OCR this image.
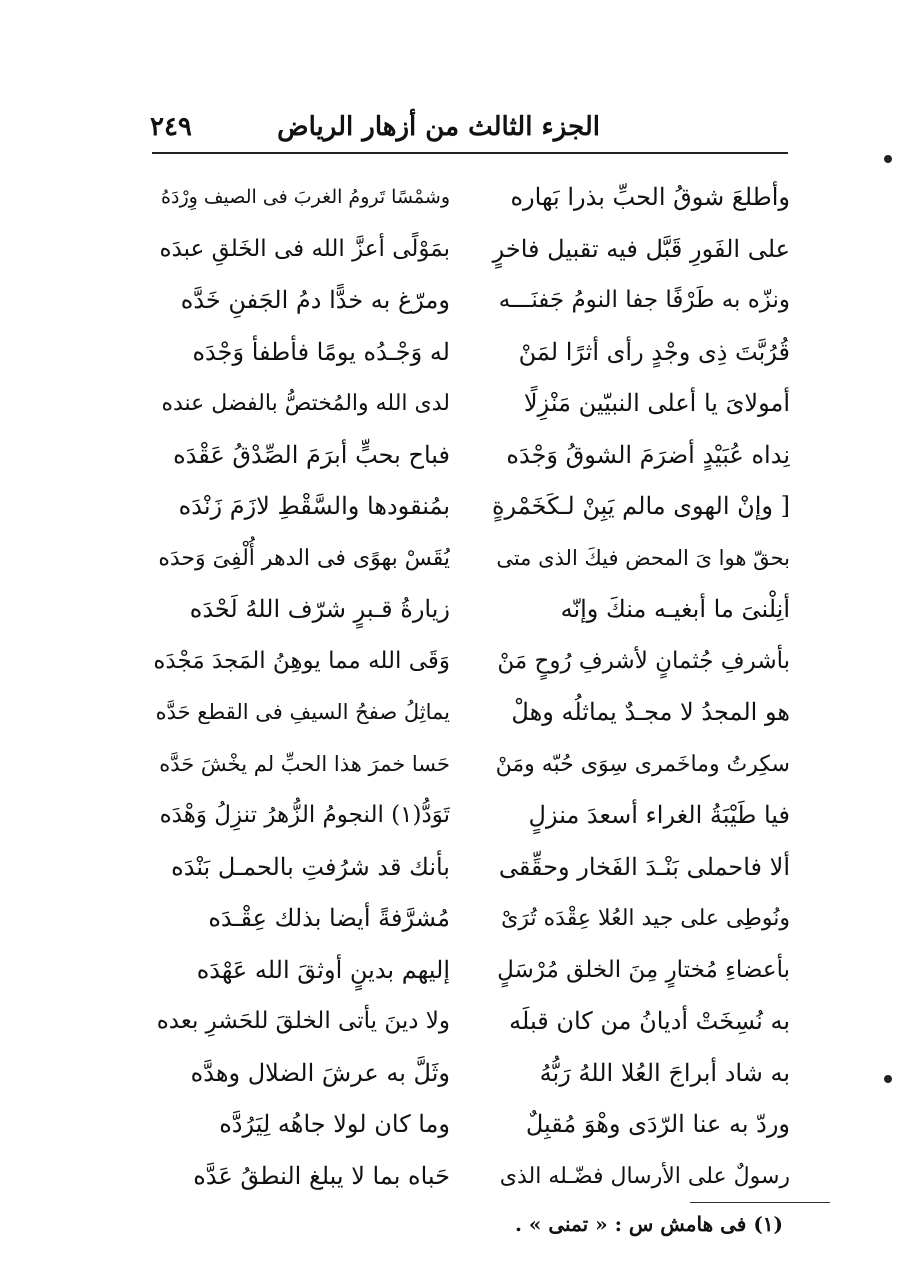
الجزء الثالث من أزهار الرياض
٢٤٩
وأطلعَ شوقُ الحبِّ بذرا بَهاره
على الفَورِ قَبَّل فيه تقبيل فاخرٍ
ونزّه به طَرْفًا جفا النومُ جَفنَـــه
قُرُبَّتَ ذِى وجْدٍ رأى أثرًا لمَنْ
أمولاىَ يا أعلى النبيّين مَنْزِلًا
نِداه عُبَيْدٍ أضرَمَ الشوقُ وَجْدَه
[ وإنْ الهوى مالم يَبِنْ لـكَخَمْرةٍ
بحقّ هوا ىَ المحض فيكَ الذى متى
أنِلْنىَ ما أبغيـه منكَ وإنّه
بأشرفِ جُثمانٍ لأشرفِ رُوحٍ مَنْ
هو المجدُ لا مجـدٌ يماثلُه وهلْ
سكِرتُ وماخَمرى سِوَى حُبّه ومَنْ
فيا طَيْبَةُ الغراء أسعدَ منزلٍ
ألا فاحملى بَنْـدَ الفَخار وحقِّقى
ونُوطِى على جيد العُلا عِقْدَه تُرَىْ
بأعضاءِ مُختارٍ مِنَ الخلق مُرْسَلٍ
به نُسِخَتْ أديانُ من كان قبلَه
به شاد أبراجَ العُلا اللهُ رَبُّهُ
وردّ به عنا الرّدَى وهْوَ مُقبِلٌ
رسولٌ على الأرسال فضّـله الذى
وشمْسًا تَرومُ الغربَ فى الصيف وِرْدَهُ
بمَوْلًى أعزَّ الله فى الخَلقِ عبدَه
ومرّغ به خدًّا دمُ الجَفنِ خَدَّه
له وَجْـدُه يومًا فأطفأ وَجْدَه
لدى الله والمُختصُّ بالفضل عنده
فباح بحبٍّ أبرَمَ الصِّدْقُ عَقْدَه
بمُنقودها والسَّقْطِ لازَمَ زَنْدَه
يُقَسْ بهوًى فى الدهر أُلْفِىَ وَحدَه
زيارةُ قـبرٍ شرّف اللهُ لَحْدَه
وَقَى الله مما يوهِنُ المَجدَ مَجْدَه
يماثِلُ صفحُ السيفِ فى القطع حَدَّه
حَسا خمرَ هذا الحبِّ لم يخْشَ حَدَّه
تَوَدُّ(١) النجومُ الزُّهرُ تنزِلُ وَهْدَه
بأنك قد شرُفتِ بالحمـل بَنْدَه
مُشرَّفةً أيضا بذلك عِقْـدَه
إليهم بدينٍ أوثقَ الله عَهْدَه
ولا دينَ يأتى الخلقَ للحَشرِ بعده
وثَلَّ به عرشَ الضلال وهدَّه
وما كان لولا جاهُه لِيَرُدَّه
حَباه بما لا يبلغ النطقُ عَدَّه
(١) فى هامش س : « تمنى » .
